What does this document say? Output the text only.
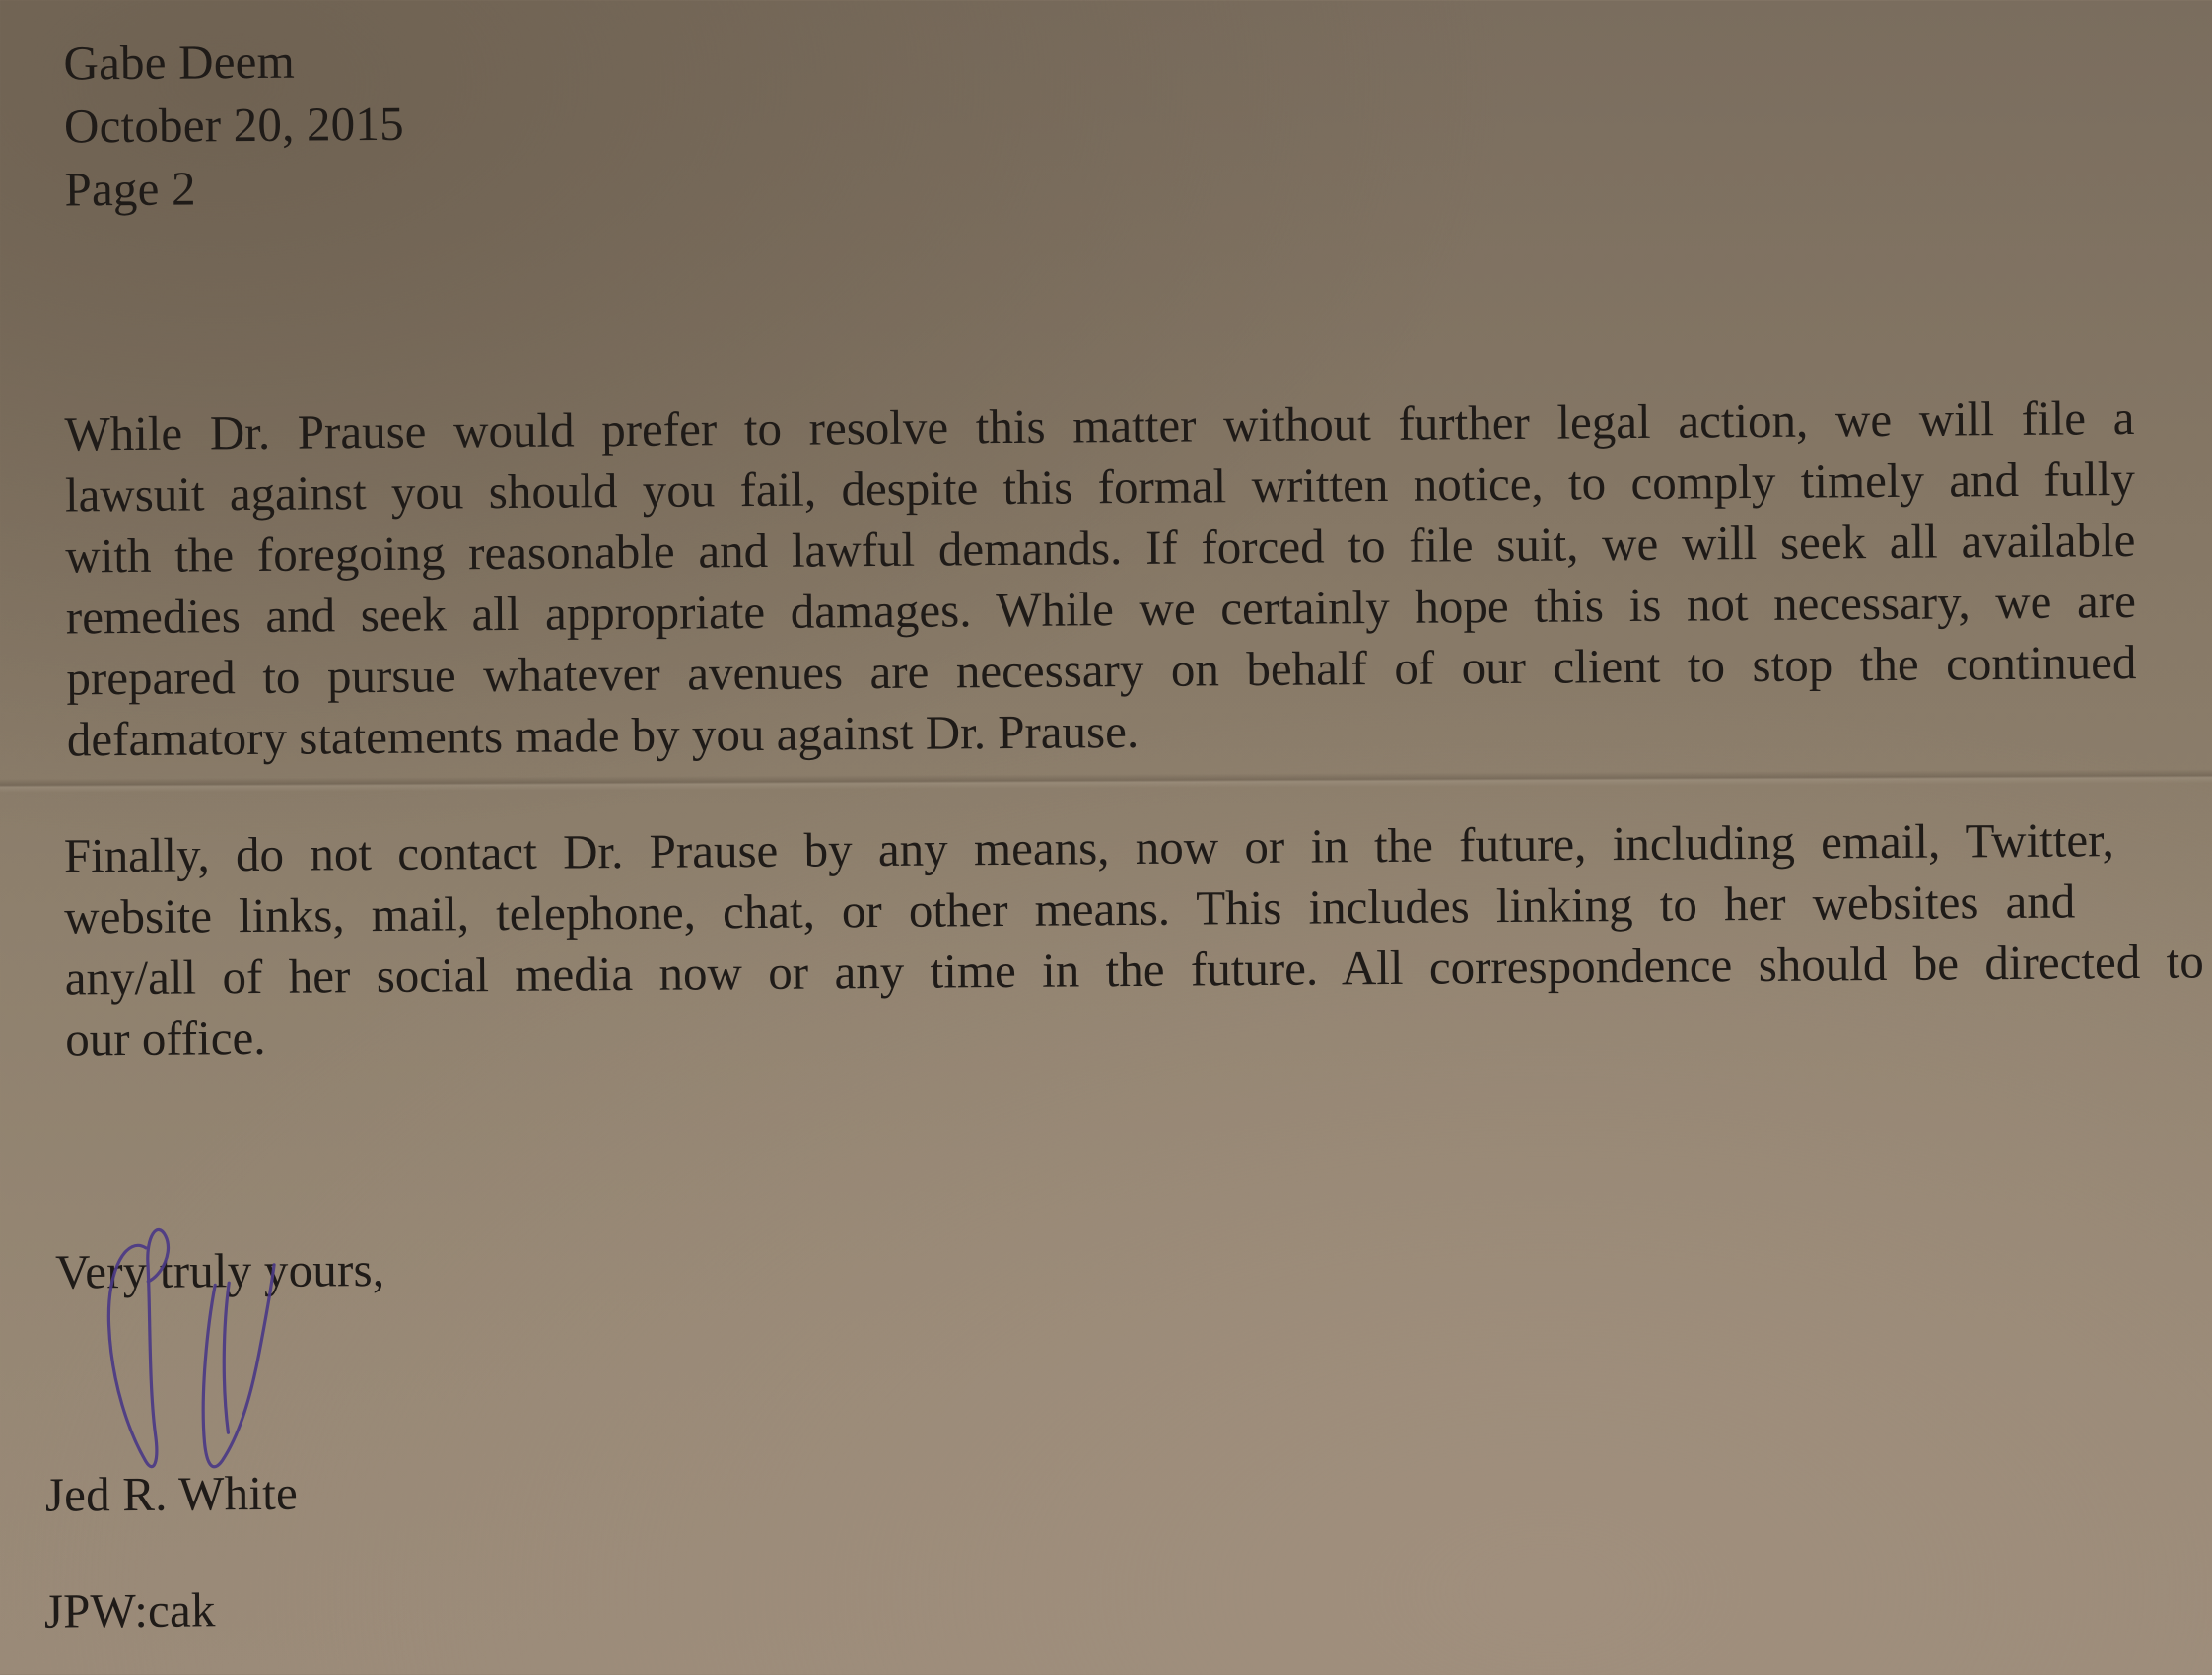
Gabe Deem
October 20, 2015
Page 2
While Dr. Prause would prefer to resolve this matter without further legal action, we will file a
lawsuit against you should you fail, despite this formal written notice, to comply timely and fully
with the foregoing reasonable and lawful demands. If forced to file suit, we will seek all available
remedies and seek all appropriate damages. While we certainly hope this is not necessary, we are
prepared to pursue whatever avenues are necessary on behalf of our client to stop the continued
defamatory statements made by you against Dr. Prause.
Finally, do not contact Dr. Prause by any means, now or in the future, including email, Twitter,
website links, mail, telephone, chat, or other means. This includes linking to her websites and
any/all of her social media now or any time in the future. All correspondence should be directed to
our office.
Very truly yours,
Jed R. White
JPW:cak
